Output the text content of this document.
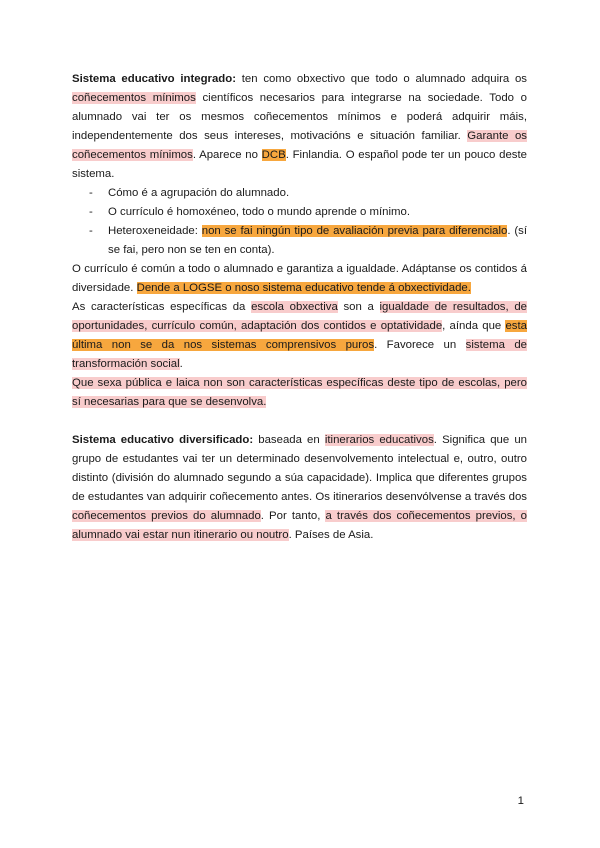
Sistema educativo integrado: ten como obxectivo que todo o alumnado adquira os coñecementos mínimos científicos necesarios para integrarse na sociedade. Todo o alumnado vai ter os mesmos coñecementos mínimos e poderá adquirir máis, independentemente dos seus intereses, motivacións e situación familiar. Garante os coñecementos mínimos. Aparece no DCB. Finlandia. O español pode ter un pouco deste sistema.

- Cómo é a agrupación do alumnado.
- O currículo é homoxéneo, todo o mundo aprende o mínimo.
- Heteroxeneidade: non se fai ningún tipo de avaliación previa para diferencialo. (sí se fai, pero non se ten en conta).

O currículo é común a todo o alumnado e garantiza a igualdade. Adáptanse os contidos á diversidade. Dende a LOGSE o noso sistema educativo tende á obxectividade.

As características específicas da escola obxectiva son a igualdade de resultados, de oportunidades, currículo común, adaptación dos contidos e optatividade, aínda que esta última non se da nos sistemas comprensivos puros. Favorece un sistema de transformación social.

Que sexa pública e laica non son características específicas deste tipo de escolas, pero sí necesarias para que se desenvolva.

Sistema educativo diversificado: baseada en itinerarios educativos. Significa que un grupo de estudantes vai ter un determinado desenvolvemento intelectual e, outro, outro distinto (división do alumnado segundo a súa capacidade). Implica que diferentes grupos de estudantes van adquirir coñecemento antes. Os itinerarios desenvólvense a través dos coñecementos previos do alumnado. Por tanto, a través dos coñecementos previos, o alumnado vai estar nun itinerario ou noutro. Países de Asia.

1
